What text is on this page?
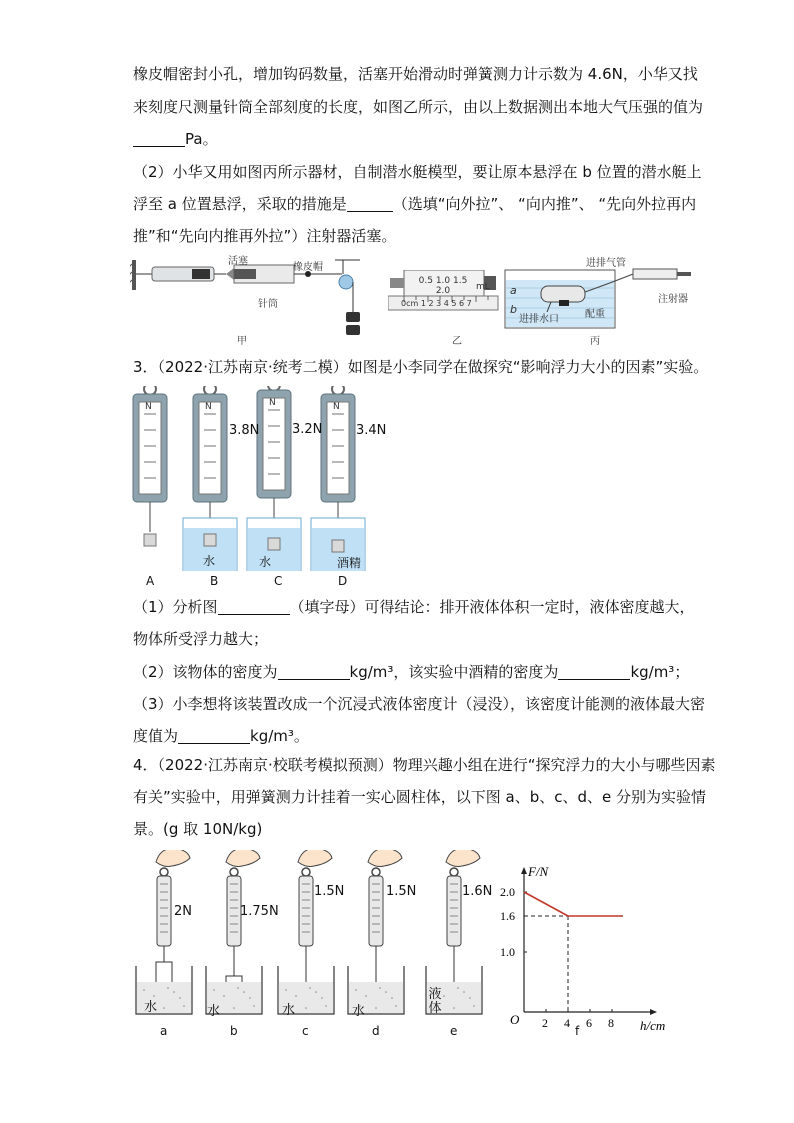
橡皮帽密封小孔，增加钩码数量，活塞开始滑动时弹簧测力计示数为 4.6N，小华又找
来刻度尺测量针筒全部刻度的长度，如图乙所示，由以上数据测出本地大气压强的值为
Pa。
（2）小华又用如图丙所示器材，自制潜水艇模型，要让原本悬浮在 b 位置的潜水艇上
浮至 a 位置悬浮，采取的措施是	（选填“向外拉”、 “向内推”、 “先向外拉再内
推”和“先向内推再外拉”）注射器活塞。
活塞
橡皮帽
针筒
甲
0.5 1.0 1.5 2.0	mL
0cm 1 2 3 4 5 6 7
乙
进排气管
注射器
a
b
进排水口	配重
丙
3．（2022·江苏南京·统考二模）如图是小李同学在做探究“影响浮力大小的因素”实验。
N	N	N	N
3.8N	3.2N	3.4N
水	水	酒精
A	B	C	D
（1）分析图	（填字母）可得结论：排开液体体积一定时，液体密度越大，
物体所受浮力越大；
（2）该物体的密度为	kg/m³，该实验中酒精的密度为	kg/m³；
（3）小李想将该装置改成一个沉浸式液体密度计（浸没），该密度计能测的液体最大密
度值为	kg/m³。
4．（2022·江苏南京·校联考模拟预测）物理兴趣小组在进行“探究浮力的大小与哪些因素
有关”实验中，用弹簧测力计挂着一实心圆柱体，以下图 a、b、c、d、e 分别为实验情
景。(g 取 10N/kg)
2N	1.75N
1.5N	1.5N	1.6N
水	水	水	水
液体
a	b	c	d	e
F/N
h/cm
O 2 4 6 8
2.0
1.6
1.0
f
